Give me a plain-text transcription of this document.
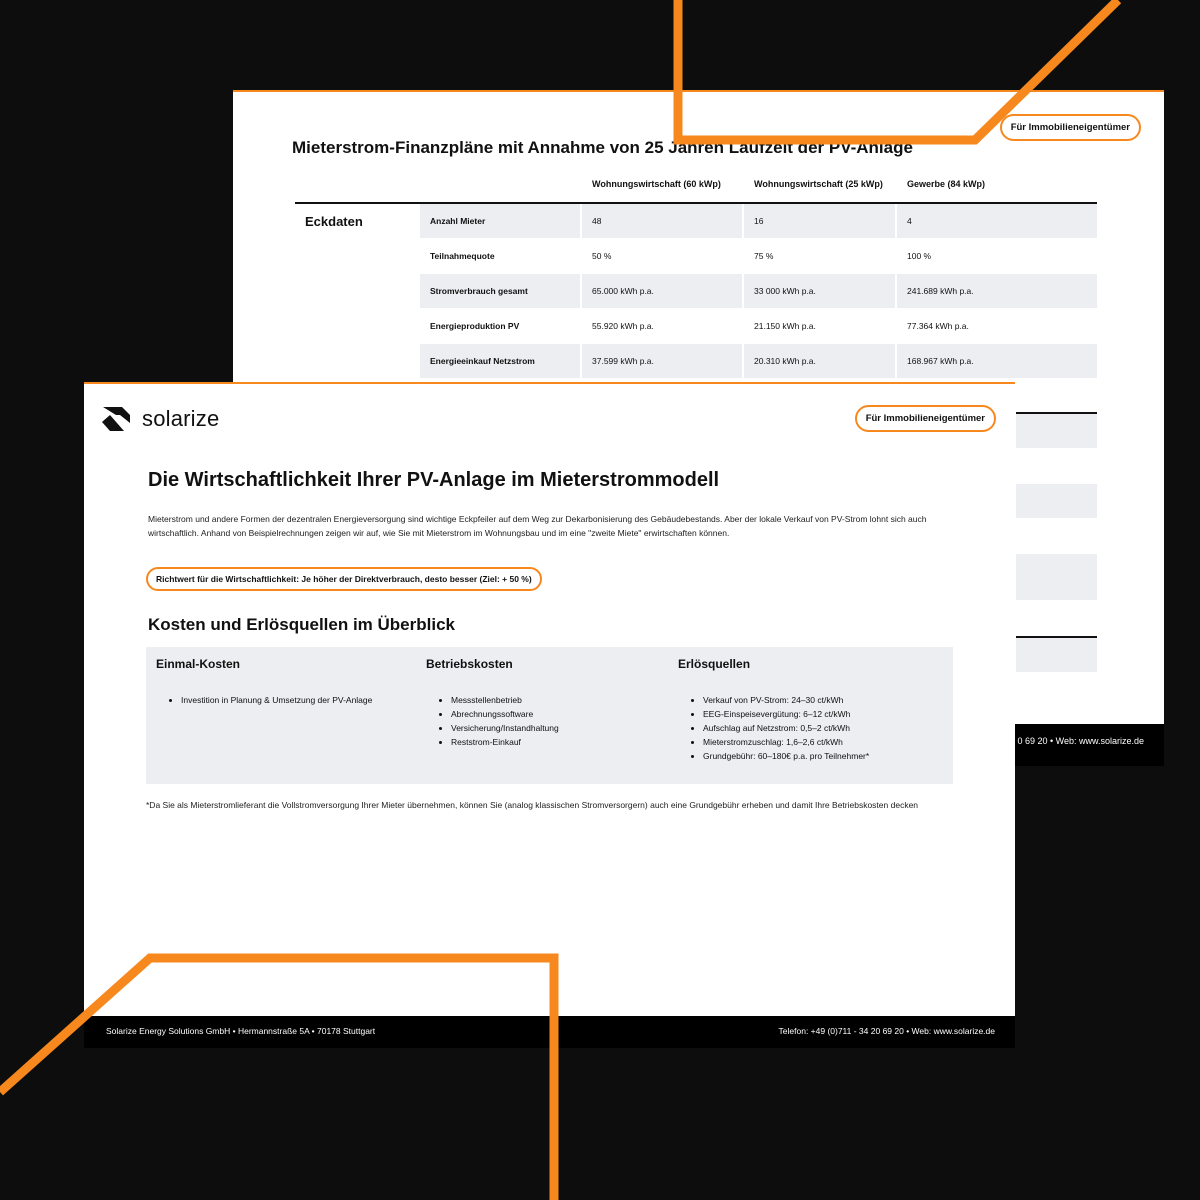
Für Immobilieneigentümer
Mieterstrom-Finanzpläne mit Annahme von 25 Jahren Laufzeit der PV-Anlage
Wohnungswirtschaft (60 kWp)	Wohnungswirtschaft (25 kWp)	Gewerbe (84 kWp)
Eckdaten	Anzahl Mieter	48	16	4
Teilnahmequote	50 %	75 %	100 %
Stromverbrauch gesamt	65.000 kWh p.a.	33 000 kWh p.a.	241.689 kWh p.a.
Energieproduktion PV	55.920 kWh p.a.	21.150 kWh p.a.	77.364 kWh p.a.
Energieeinkauf Netzstrom	37.599 kWh p.a.	20.310 kWh p.a.	168.967 kWh p.a.
0 69 20 • Web: www.solarize.de
solarize	Für Immobilieneigentümer
Die Wirtschaftlichkeit Ihrer PV-Anlage im Mieterstrommodell
Mieterstrom und andere Formen der dezentralen Energieversorgung sind wichtige Eckpfeiler auf dem Weg zur Dekarbonisierung des Gebäudebestands. Aber der lokale Verkauf von PV-Strom lohnt sich auch wirtschaftlich. Anhand von Beispielrechnungen zeigen wir auf, wie Sie mit Mieterstrom im Wohnungsbau und im eine "zweite Miete" erwirtschaften können.
Richtwert für die Wirtschaftlichkeit: Je höher der Direktverbrauch, desto besser (Ziel: + 50 %)
Kosten und Erlösquellen im Überblick
Einmal-Kosten
• Investition in Planung & Umsetzung der PV-Anlage
Betriebskosten
• Messstellenbetrieb
• Abrechnungssoftware
• Versicherung/Instandhaltung
• Reststrom-Einkauf
Erlösquellen
• Verkauf von PV-Strom: 24–30 ct/kWh
• EEG-Einspeisevergütung: 6–12 ct/kWh
• Aufschlag auf Netzstrom: 0,5–2 ct/kWh
• Mieterstromzuschlag: 1,6–2,6 ct/kWh
• Grundgebühr: 60–180€ p.a. pro Teilnehmer*
*Da Sie als Mieterstromlieferant die Vollstromversorgung Ihrer Mieter übernehmen, können Sie (analog klassischen Stromversorgern) auch eine Grundgebühr erheben und damit Ihre Betriebskosten decken
Solarize Energy Solutions GmbH • Hermannstraße 5A • 70178 Stuttgart	Telefon: +49 (0)711 - 34 20 69 20 • Web: www.solarize.de
